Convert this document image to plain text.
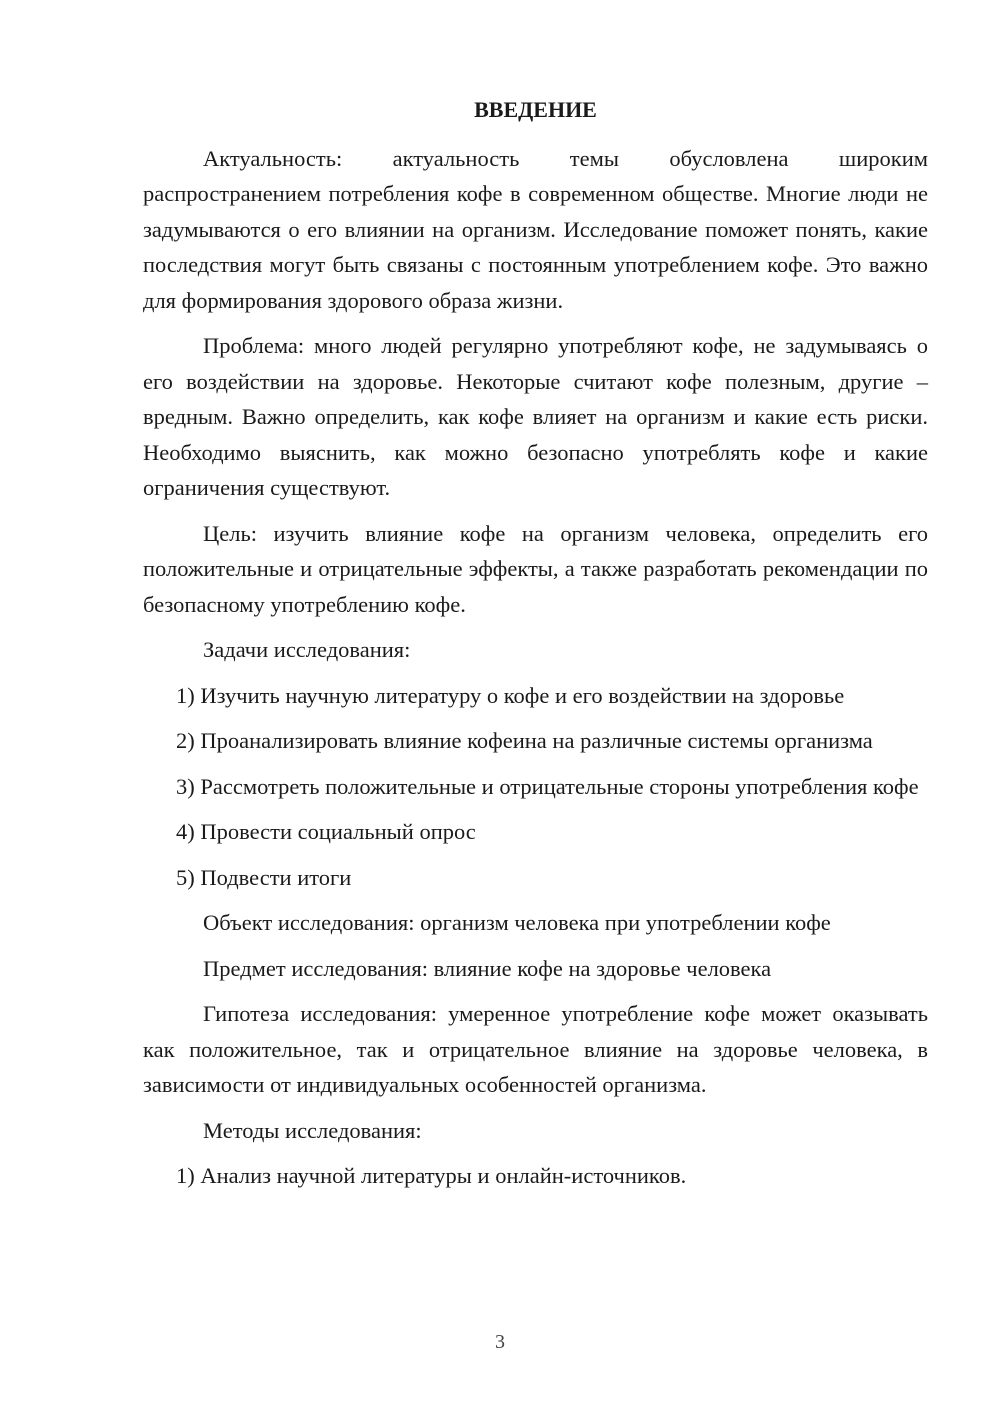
ВВЕДЕНИЕ

Актуальность: актуальность темы обусловлена широким распространением потребления кофе в современном обществе. Многие люди не задумываются о его влиянии на организм. Исследование поможет понять, какие последствия могут быть связаны с постоянным употреблением кофе. Это важно для формирования здорового образа жизни.

Проблема: много людей регулярно употребляют кофе, не задумываясь о его воздействии на здоровье. Некоторые считают кофе полезным, другие – вредным. Важно определить, как кофе влияет на организм и какие есть риски. Необходимо выяснить, как можно безопасно употреблять кофе и какие ограничения существуют.

Цель: изучить влияние кофе на организм человека, определить его положительные и отрицательные эффекты, а также разработать рекомендации по безопасному употреблению кофе.

Задачи исследования:

1) Изучить научную литературу о кофе и его воздействии на здоровье

2) Проанализировать влияние кофеина на различные системы организма

3) Рассмотреть положительные и отрицательные стороны употребления кофе

4) Провести социальный опрос

5) Подвести итоги

Объект исследования: организм человека при употреблении кофе

Предмет исследования: влияние кофе на здоровье человека

Гипотеза исследования: умеренное употребление кофе может оказывать как положительное, так и отрицательное влияние на здоровье человека, в зависимости от индивидуальных особенностей организма.

Методы исследования:

1) Анализ научной литературы и онлайн-источников.

3
